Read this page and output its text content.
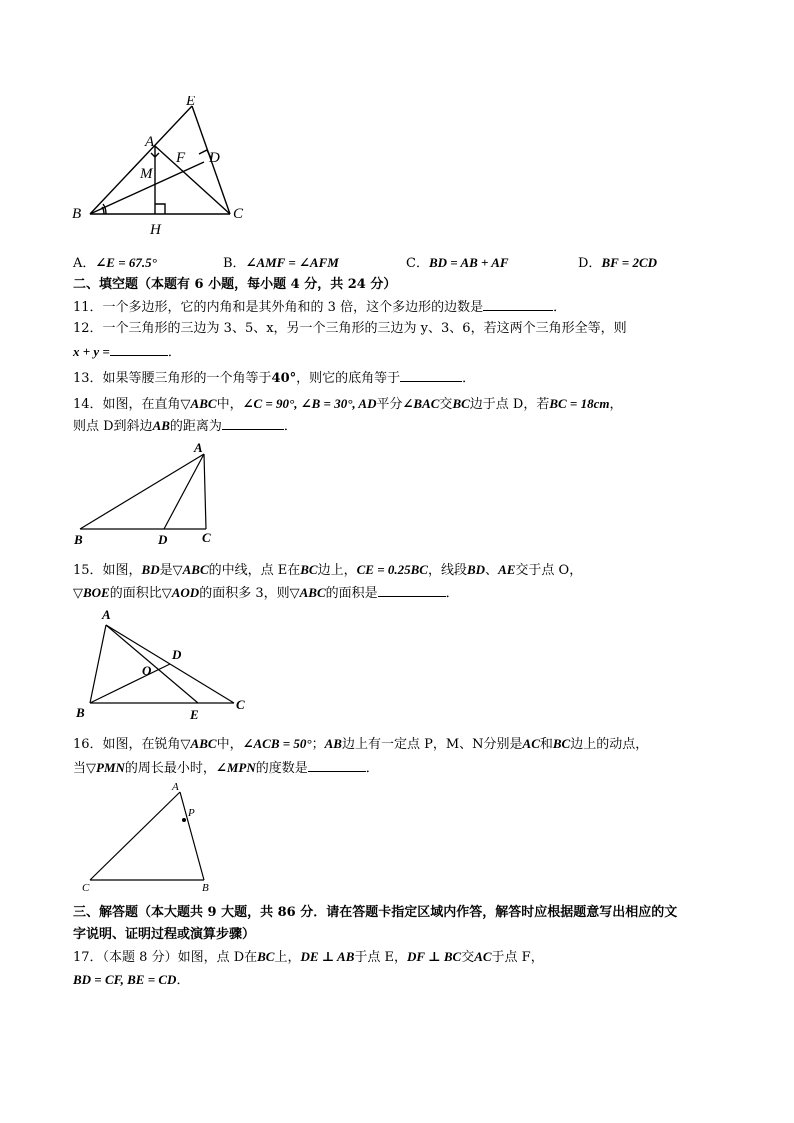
E
A
F D
M
B
H
C
A．∠E = 67.5°	B．∠AMF = ∠AFM	C．BD = AB + AF	D．BF = 2CD
二、填空题（本题有 6 小题，每小题 4 分，共 24 分）
11．一个多边形，它的内角和是其外角和的 3 倍，这个多边形的边数是	．
12．一个三角形的三边为 3、5、x，另一个三角形的三边为 y、3、6，若这两个三角形全等，则
x + y =	．
13．如果等腰三角形的一个角等于40°，则它的底角等于	．
14．如图，在直角▽ABC中，∠C = 90°, ∠B = 30°, AD平分∠BAC交BC边于点 D，若BC = 18cm，
则点 D到斜边AB的距离为	．
A
B	D	C
15．如图，BD是▽ABC的中线，点 E在BC边上，CE = 0.25BC，线段BD、AE交于点 O，
▽BOE的面积比▽AOD的面积多 3，则▽ABC的面积是	．
A
D
O
B	E
C
16．如图，在锐角▽ABC中，∠ACB = 50°；AB边上有一定点 P，M、N分别是AC和BC边上的动点，
当▽PMN的周长最小时，∠MPN的度数是	．
A
P
C	B
三、解答题（本大题共 9 大题，共 86 分．请在答题卡指定区域内作答，解答时应根据题意写出相应的文
字说明、证明过程或演算步骤）
17．（本题 8 分）如图，点 D在BC上，DE ⊥ AB于点 E，DF ⊥ BC交AC于点 F，
BD = CF, BE = CD．
